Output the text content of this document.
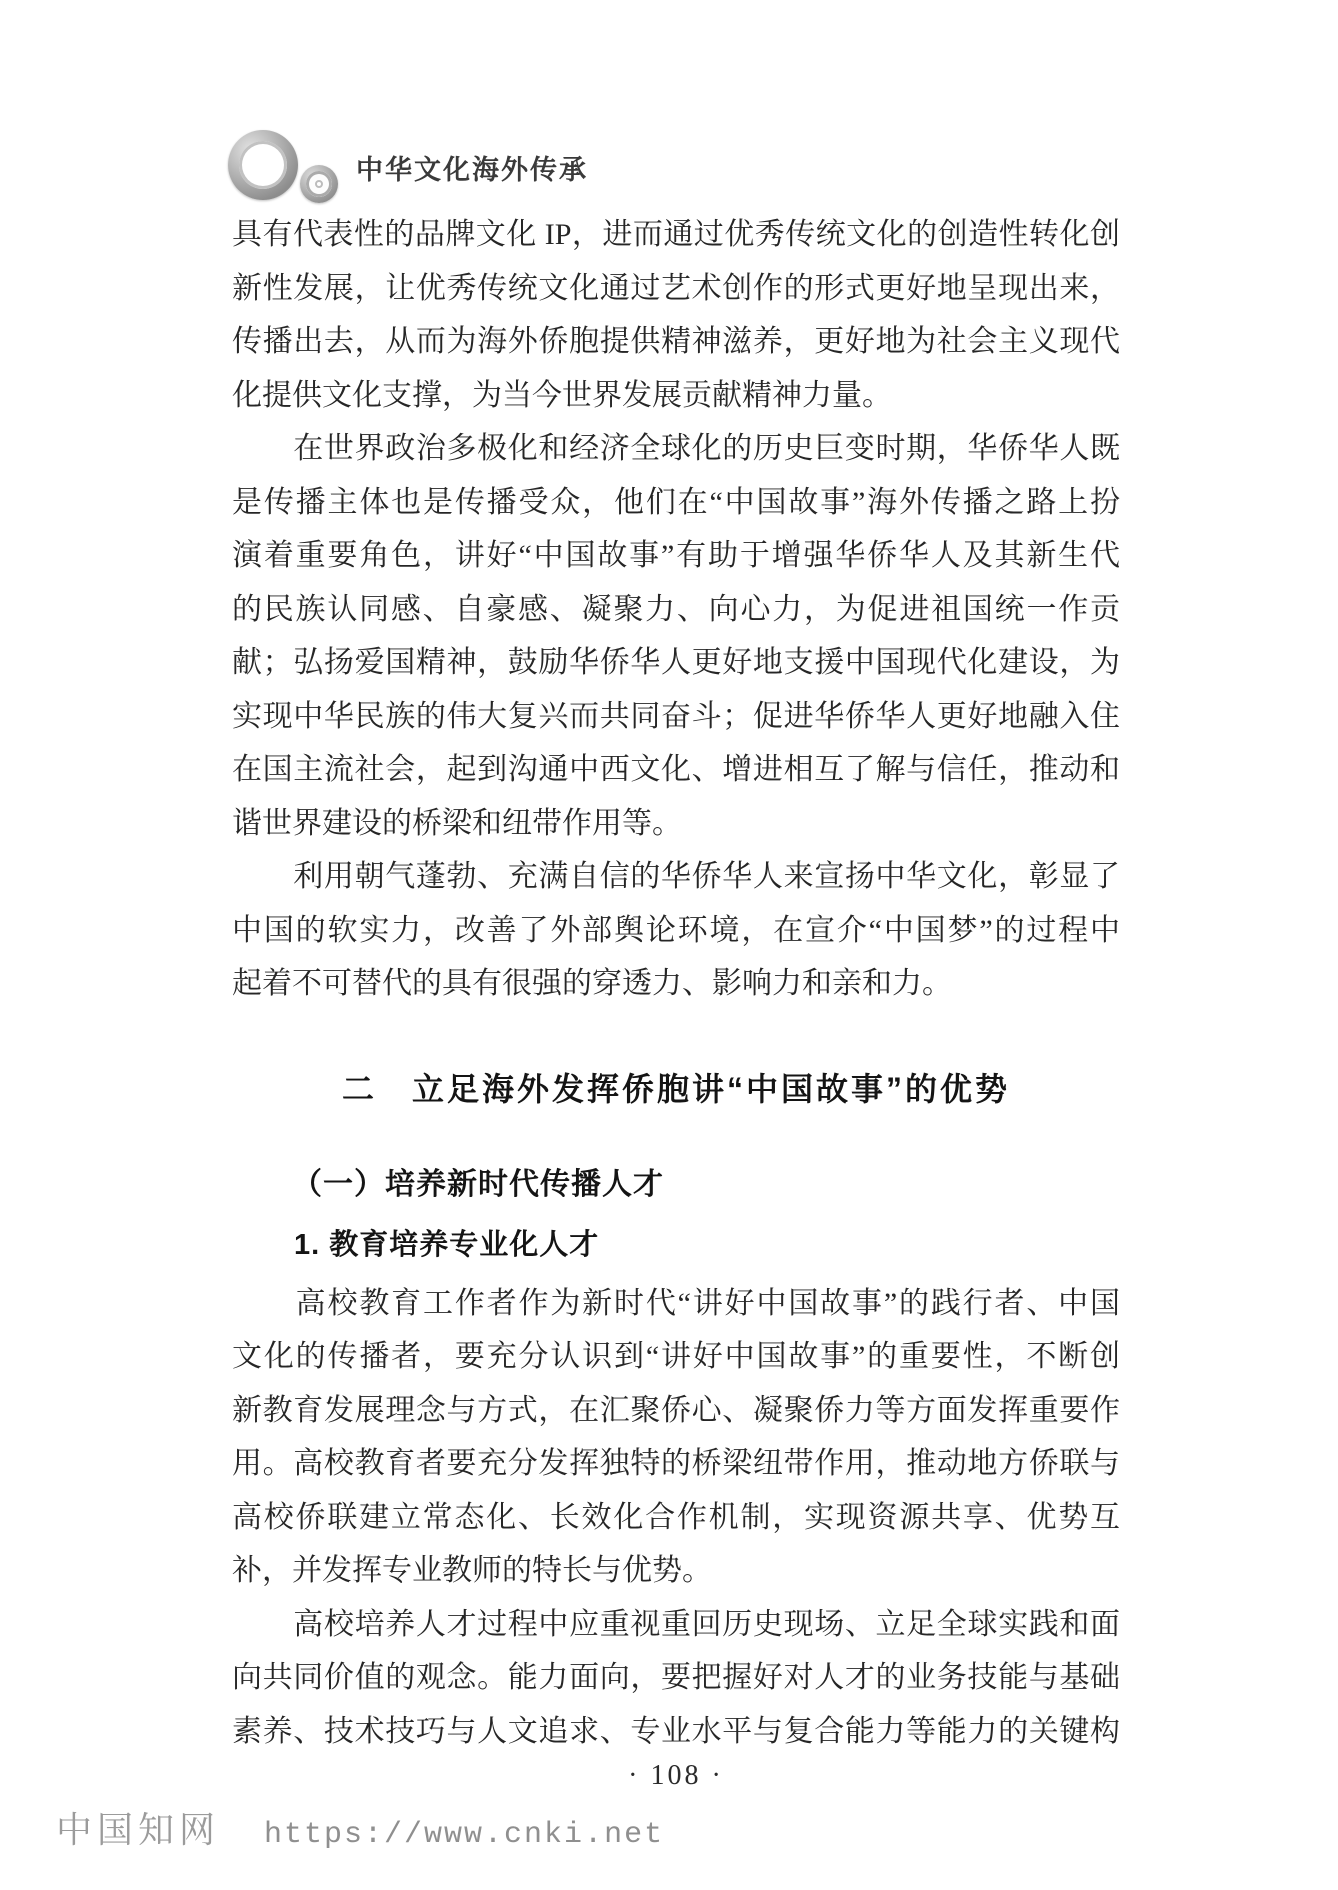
中华文化海外传承
具有代表性的品牌文化 IP，进而通过优秀传统文化的创造性转化创
新性发展，让优秀传统文化通过艺术创作的形式更好地呈现出来，
传播出去，从而为海外侨胞提供精神滋养，更好地为社会主义现代
化提供文化支撑，为当今世界发展贡献精神力量。
　　在世界政治多极化和经济全球化的历史巨变时期，华侨华人既
是传播主体也是传播受众，他们在“中国故事”海外传播之路上扮
演着重要角色，讲好“中国故事”有助于增强华侨华人及其新生代
的民族认同感、自豪感、凝聚力、向心力，为促进祖国统一作贡
献；弘扬爱国精神，鼓励华侨华人更好地支援中国现代化建设，为
实现中华民族的伟大复兴而共同奋斗；促进华侨华人更好地融入住
在国主流社会，起到沟通中西文化、增进相互了解与信任，推动和
谐世界建设的桥梁和纽带作用等。
　　利用朝气蓬勃、充满自信的华侨华人来宣扬中华文化，彰显了
中国的软实力，改善了外部舆论环境，在宣介“中国梦”的过程中
起着不可替代的具有很强的穿透力、影响力和亲和力。
二　立足海外发挥侨胞讲“中国故事”的优势
（一）培养新时代传播人才
1. 教育培养专业化人才
　　高校教育工作者作为新时代“讲好中国故事”的践行者、中国
文化的传播者，要充分认识到“讲好中国故事”的重要性，不断创
新教育发展理念与方式，在汇聚侨心、凝聚侨力等方面发挥重要作
用。高校教育者要充分发挥独特的桥梁纽带作用，推动地方侨联与
高校侨联建立常态化、长效化合作机制，实现资源共享、优势互
补，并发挥专业教师的特长与优势。
　　高校培养人才过程中应重视重回历史现场、立足全球实践和面
向共同价值的观念。能力面向，要把握好对人才的业务技能与基础
素养、技术技巧与人文追求、专业水平与复合能力等能力的关键构
· 108 ·
中国知网 https://www.cnki.net
